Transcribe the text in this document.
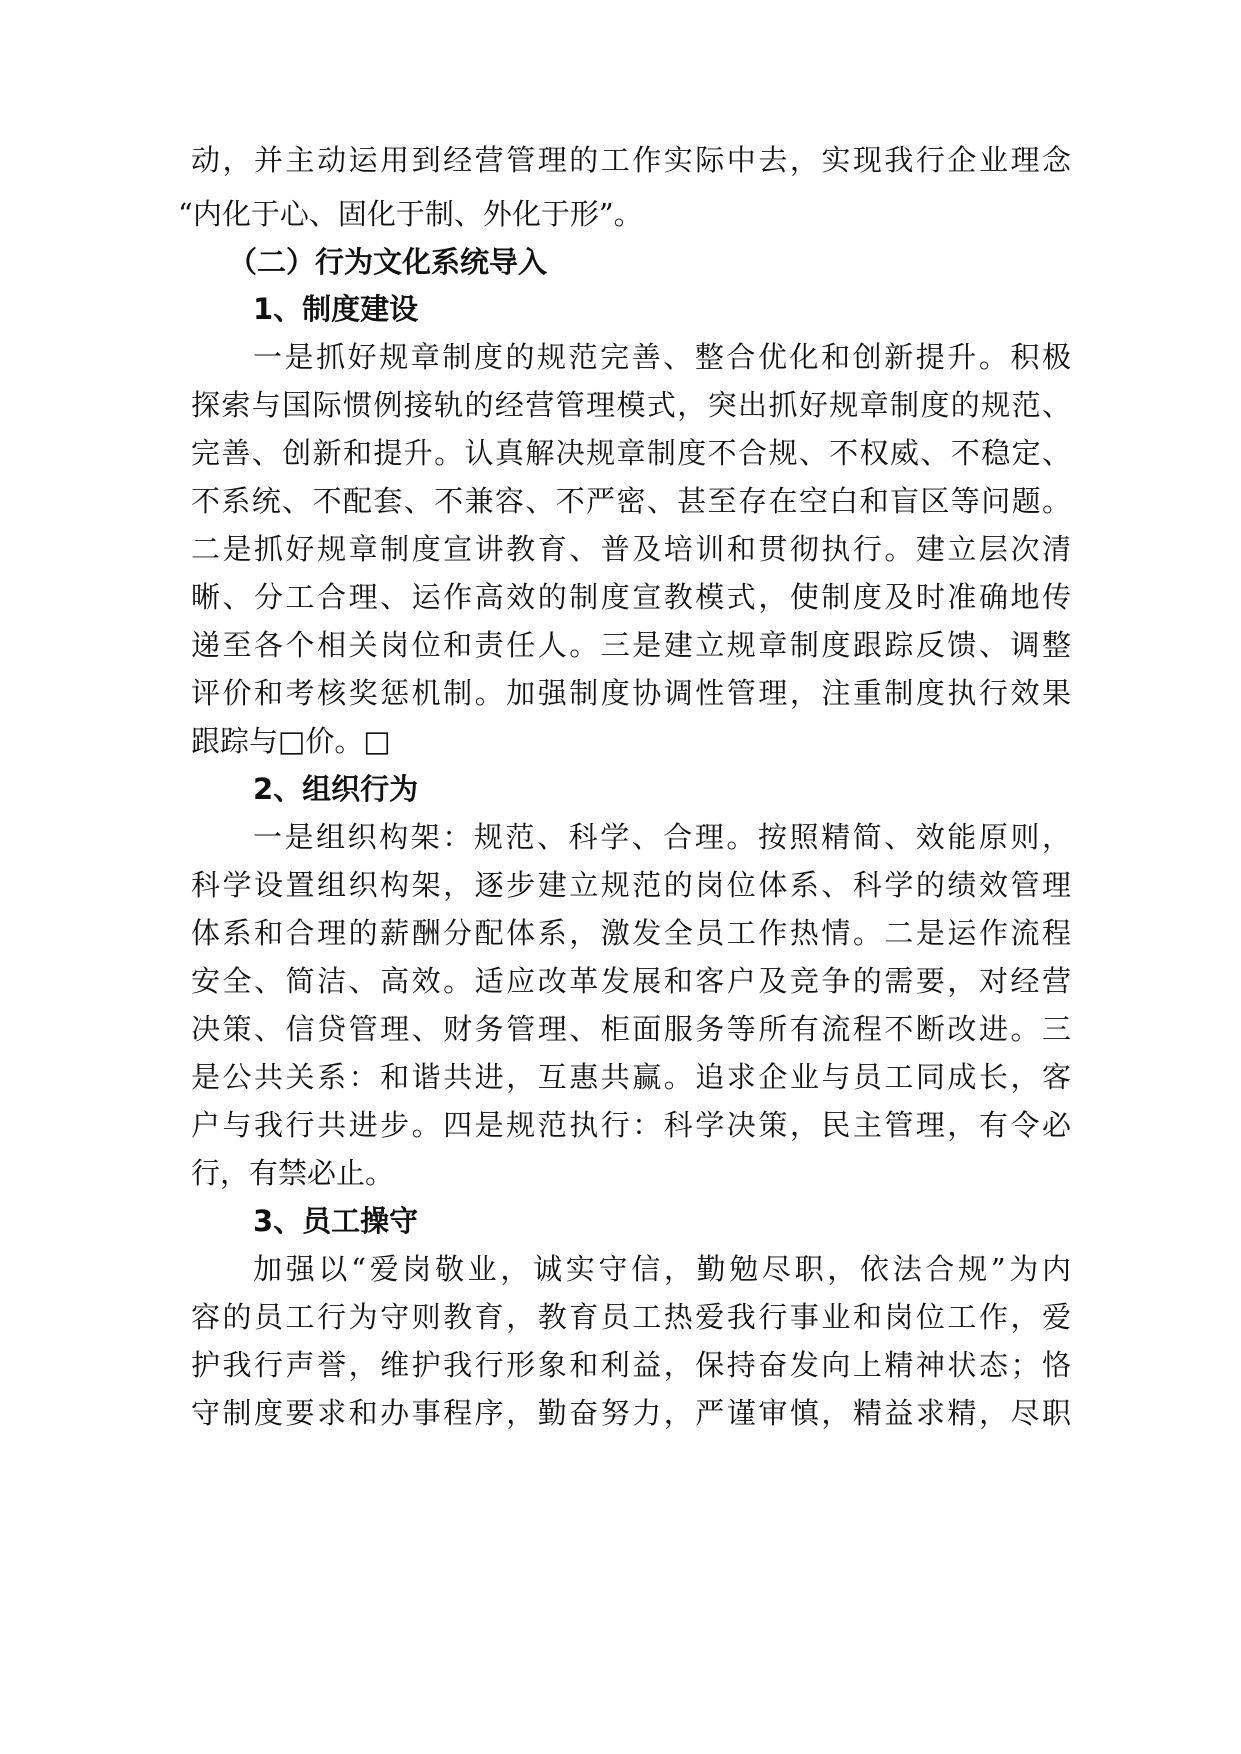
动，并主动运用到经营管理的工作实际中去，实现我行企业理念
“内化于心、固化于制、外化于形”。
（二）行为文化系统导入
1、制度建设
一是抓好规章制度的规范完善、整合优化和创新提升。积极
探索与国际惯例接轨的经营管理模式，突出抓好规章制度的规范、
完善、创新和提升。认真解决规章制度不合规、不权威、不稳定、
不系统、不配套、不兼容、不严密、甚至存在空白和盲区等问题。
二是抓好规章制度宣讲教育、普及培训和贯彻执行。建立层次清
晰、分工合理、运作高效的制度宣教模式，使制度及时准确地传
递至各个相关岗位和责任人。三是建立规章制度跟踪反馈、调整
评价和考核奖惩机制。加强制度协调性管理，注重制度执行效果
跟踪与□价。□
2、组织行为
一是组织构架：规范、科学、合理。按照精简、效能原则，
科学设置组织构架，逐步建立规范的岗位体系、科学的绩效管理
体系和合理的薪酬分配体系，激发全员工作热情。二是运作流程
安全、简洁、高效。适应改革发展和客户及竞争的需要，对经营
决策、信贷管理、财务管理、柜面服务等所有流程不断改进。三
是公共关系：和谐共进，互惠共赢。追求企业与员工同成长，客
户与我行共进步。四是规范执行：科学决策，民主管理，有令必
行，有禁必止。
3、员工操守
加强以“爱岗敬业，诚实守信，勤勉尽职，依法合规”为内
容的员工行为守则教育，教育员工热爱我行事业和岗位工作，爱
护我行声誉，维护我行形象和利益，保持奋发向上精神状态；恪
守制度要求和办事程序，勤奋努力，严谨审慎，精益求精，尽职
